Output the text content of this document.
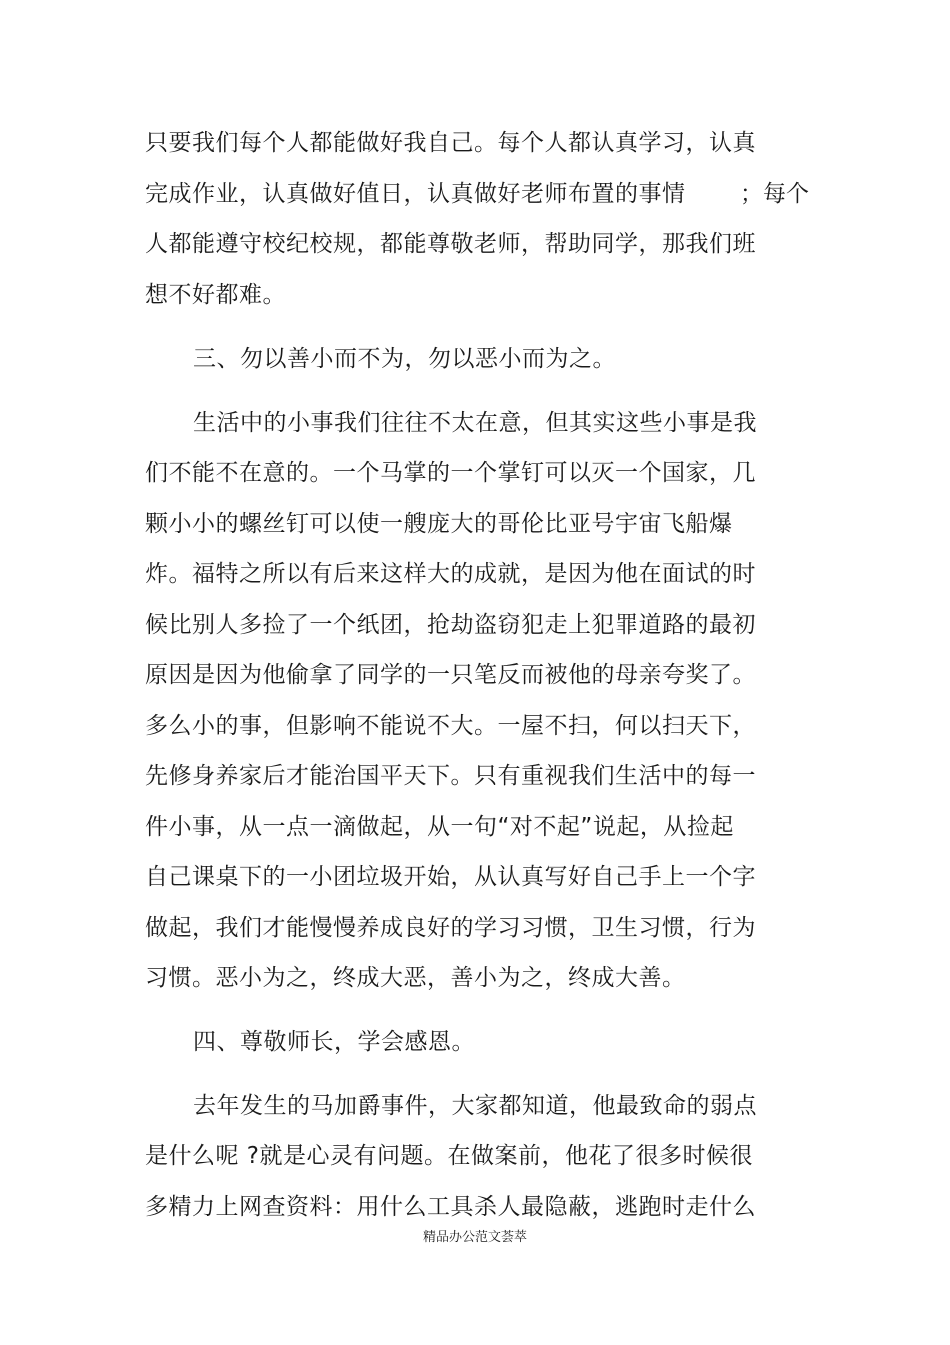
只要我们每个人都能做好我自己。每个人都认真学习，认真
完成作业，认真做好值日，认真做好老师布置的事情 ；每个
人都能遵守校纪校规，都能尊敬老师，帮助同学，那我们班
想不好都难。
三、勿以善小而不为，勿以恶小而为之。
生活中的小事我们往往不太在意，但其实这些小事是我
们不能不在意的。一个马掌的一个掌钉可以灭一个国家，几
颗小小的螺丝钉可以使一艘庞大的哥伦比亚号宇宙飞船爆
炸。福特之所以有后来这样大的成就，是因为他在面试的时
候比别人多捡了一个纸团，抢劫盗窃犯走上犯罪道路的最初
原因是因为他偷拿了同学的一只笔反而被他的母亲夸奖了。
多么小的事，但影响不能说不大。一屋不扫，何以扫天下，
先修身养家后才能治国平天下。只有重视我们生活中的每一
件小事，从一点一滴做起，从一句“对不起”说起，从捡起
自己课桌下的一小团垃圾开始，从认真写好自己手上一个字
做起，我们才能慢慢养成良好的学习习惯，卫生习惯，行为
习惯。恶小为之，终成大恶，善小为之，终成大善。
四、尊敬师长，学会感恩。
去年发生的马加爵事件，大家都知道，他最致命的弱点
是什么呢 ?就是心灵有问题。在做案前，他花了很多时候很
多精力上网查资料：用什么工具杀人最隐蔽，逃跑时走什么
精品办公范文荟萃
